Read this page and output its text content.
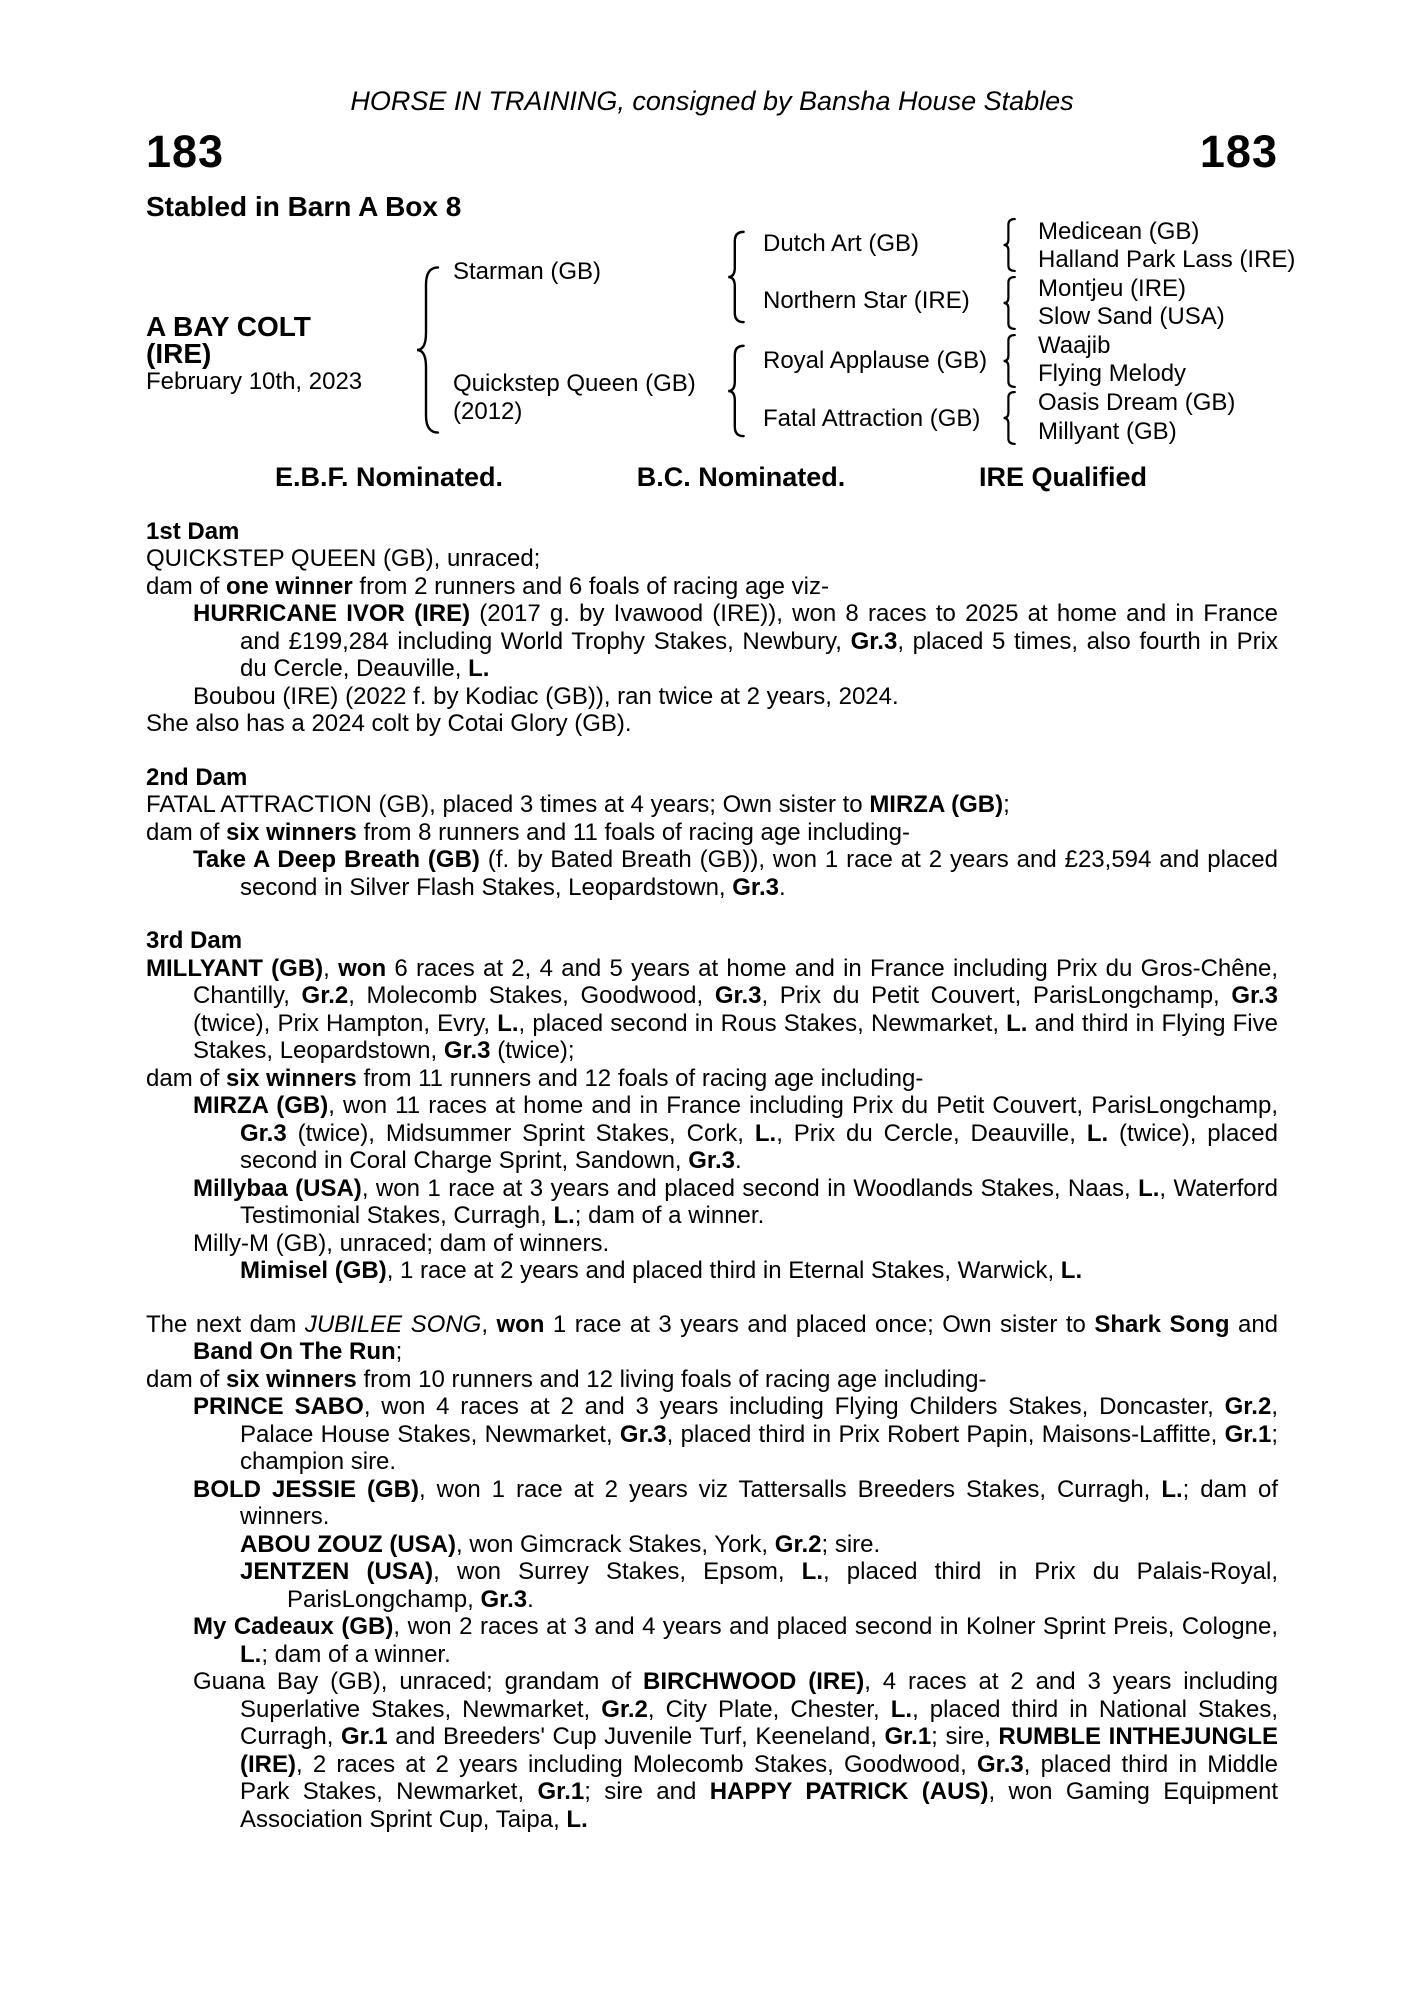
HORSE IN TRAINING, consigned by Bansha House Stables
183	183
Stabled in Barn A Box 8
A BAY COLT
(IRE)
February 10th, 2023
Starman (GB)
Quickstep Queen (GB)
(2012)
Dutch Art (GB)
Northern Star (IRE)
Royal Applause (GB)
Fatal Attraction (GB)
Medicean (GB)
Halland Park Lass (IRE)
Montjeu (IRE)
Slow Sand (USA)
Waajib
Flying Melody
Oasis Dream (GB)
Millyant (GB)
E.B.F. Nominated.	B.C. Nominated.	IRE Qualified
1st Dam
QUICKSTEP QUEEN (GB), unraced;
dam of one winner from 2 runners and 6 foals of racing age viz-
HURRICANE IVOR (IRE) (2017 g. by Ivawood (IRE)), won 8 races to 2025 at home and in France and £199,284 including World Trophy Stakes, Newbury, Gr.3, placed 5 times, also fourth in Prix du Cercle, Deauville, L.
Boubou (IRE) (2022 f. by Kodiac (GB)), ran twice at 2 years, 2024.
She also has a 2024 colt by Cotai Glory (GB).
2nd Dam
FATAL ATTRACTION (GB), placed 3 times at 4 years; Own sister to MIRZA (GB);
dam of six winners from 8 runners and 11 foals of racing age including-
Take A Deep Breath (GB) (f. by Bated Breath (GB)), won 1 race at 2 years and £23,594 and placed second in Silver Flash Stakes, Leopardstown, Gr.3.
3rd Dam
MILLYANT (GB), won 6 races at 2, 4 and 5 years at home and in France including Prix du Gros-Chêne, Chantilly, Gr.2, Molecomb Stakes, Goodwood, Gr.3, Prix du Petit Couvert, ParisLongchamp, Gr.3 (twice), Prix Hampton, Evry, L., placed second in Rous Stakes, Newmarket, L. and third in Flying Five Stakes, Leopardstown, Gr.3 (twice);
dam of six winners from 11 runners and 12 foals of racing age including-
MIRZA (GB), won 11 races at home and in France including Prix du Petit Couvert, ParisLongchamp, Gr.3 (twice), Midsummer Sprint Stakes, Cork, L., Prix du Cercle, Deauville, L. (twice), placed second in Coral Charge Sprint, Sandown, Gr.3.
Millybaa (USA), won 1 race at 3 years and placed second in Woodlands Stakes, Naas, L., Waterford Testimonial Stakes, Curragh, L.; dam of a winner.
Milly-M (GB), unraced; dam of winners.
Mimisel (GB), 1 race at 2 years and placed third in Eternal Stakes, Warwick, L.
The next dam JUBILEE SONG, won 1 race at 3 years and placed once; Own sister to Shark Song and Band On The Run;
dam of six winners from 10 runners and 12 living foals of racing age including-
PRINCE SABO, won 4 races at 2 and 3 years including Flying Childers Stakes, Doncaster, Gr.2, Palace House Stakes, Newmarket, Gr.3, placed third in Prix Robert Papin, Maisons-Laffitte, Gr.1; champion sire.
BOLD JESSIE (GB), won 1 race at 2 years viz Tattersalls Breeders Stakes, Curragh, L.; dam of winners.
ABOU ZOUZ (USA), won Gimcrack Stakes, York, Gr.2; sire.
JENTZEN (USA), won Surrey Stakes, Epsom, L., placed third in Prix du Palais-Royal, ParisLongchamp, Gr.3.
My Cadeaux (GB), won 2 races at 3 and 4 years and placed second in Kolner Sprint Preis, Cologne, L.; dam of a winner.
Guana Bay (GB), unraced; grandam of BIRCHWOOD (IRE), 4 races at 2 and 3 years including Superlative Stakes, Newmarket, Gr.2, City Plate, Chester, L., placed third in National Stakes, Curragh, Gr.1 and Breeders' Cup Juvenile Turf, Keeneland, Gr.1; sire, RUMBLE INTHEJUNGLE (IRE), 2 races at 2 years including Molecomb Stakes, Goodwood, Gr.3, placed third in Middle Park Stakes, Newmarket, Gr.1; sire and HAPPY PATRICK (AUS), won Gaming Equipment Association Sprint Cup, Taipa, L.
